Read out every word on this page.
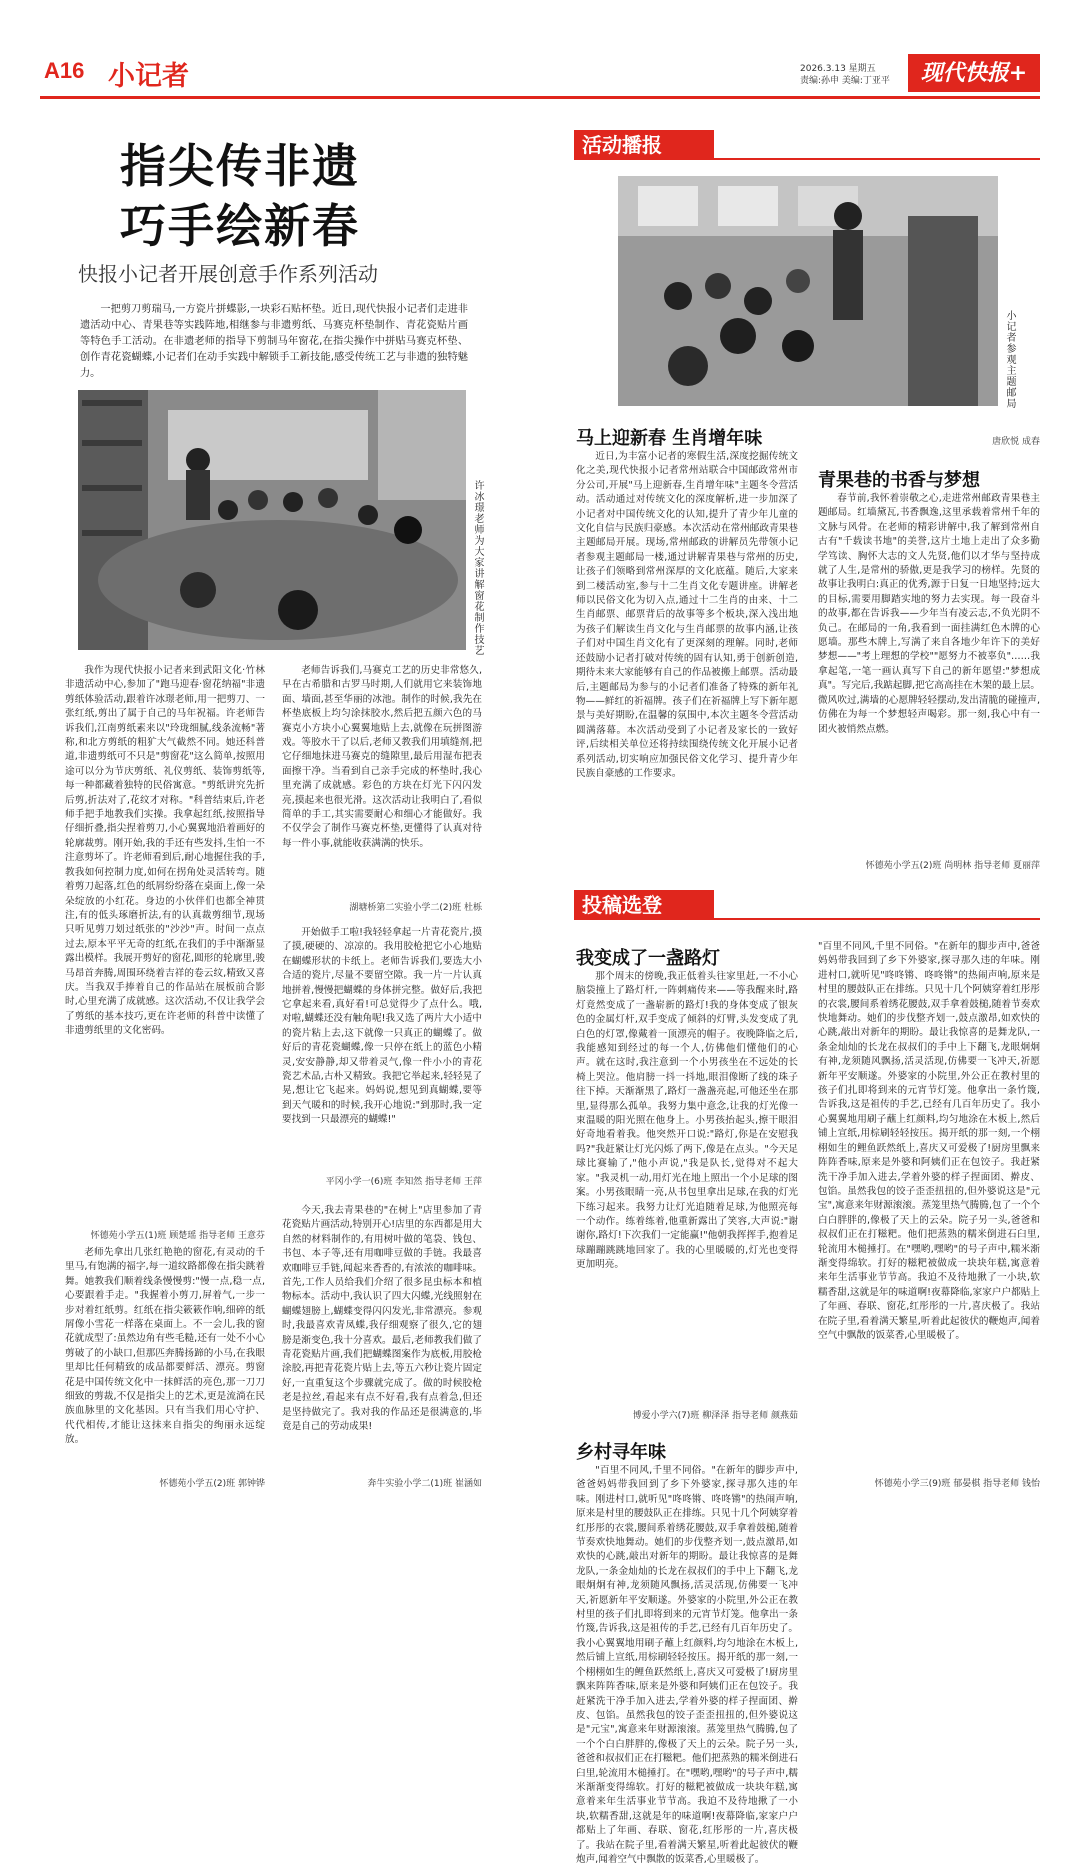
A16 小记者	2026.3.13 星期五
责编:孙申 美编:丁亚平	现代快报+
指尖传非遗
巧手绘新春
快报小记者开展创意手作系列活动
一把剪刀剪瑞马,一方瓷片拼蝶影,一块彩石贴杯垫。近日,现代快报小记者们走进非遗活动中心、青果巷等实践阵地,相继参与非遗剪纸、马赛克杯垫制作、青花瓷贴片画等特色手工活动。在非遗老师的指导下剪制马年窗花,在指尖操作中拼贴马赛克杯垫、创作青花瓷蝴蝶,小记者们在动手实践中解锁手工新技能,感受传统工艺与非遗的独特魅力。
许冰璟老师为大家讲解窗花制作技艺

我作为现代快报小记者来到武阳文化·竹林非遗活动中心,参加了"跑马迎春·窗花纳福"非遗剪纸体验活动,跟着许冰璟老师,用一把剪刀、一张红纸,剪出了属于自己的马年祝福。许老师告诉我们,江南剪纸素来以"玲珑细腻,线条流畅"著称,和北方剪纸的粗犷大气截然不同。她还科普道,非遗剪纸可不只是"剪窗花"这么简单,按照用途可以分为节庆剪纸、礼仪剪纸、装饰剪纸等,每一种都藏着独特的民俗寓意。"剪纸讲究先折后剪,折法对了,花纹才对称。"科普结束后,许老师手把手地教我们实操。我拿起红纸,按照指导仔细折叠,指尖捏着剪刀,小心翼翼地沿着画好的轮廓裁剪。刚开始,我的手还有些发抖,生怕一不注意剪坏了。许老师看到后,耐心地握住我的手,教我如何控制力度,如何在拐角处灵活转弯。随着剪刀起落,红色的纸屑纷纷落在桌面上,像一朵朵绽放的小红花。身边的小伙伴们也都全神贯注,有的低头琢磨折法,有的认真裁剪细节,现场只听见剪刀划过纸张的"沙沙"声。时间一点点过去,原本平平无奇的红纸,在我们的手中渐渐显露出模样。我展开剪好的窗花,圆形的轮廓里,骏马昂首奔腾,周围环绕着吉祥的卷云纹,精致又喜庆。当我双手捧着自己的作品站在展板前合影时,心里充满了成就感。这次活动,不仅让我学会了剪纸的基本技巧,更在许老师的科普中读懂了非遗剪纸里的文化密码。

怀德苑小学五(1)班 顾楚瑶 指导老师 王意芬

老师先拿出几张红艳艳的窗花,有灵动的千里马,有饱满的福字,每一道纹路都像在指尖跳着舞。她教我们顺着线条慢慢剪:"慢一点,稳一点,心要跟着手走。"我握着小剪刀,屏着气,一步一步对着红纸剪。红纸在指尖簌簌作响,细碎的纸屑像小雪花一样落在桌面上。不一会儿,我的窗花就成型了:虽然边角有些毛糙,还有一处不小心剪破了的小缺口,但那匹奔腾扬蹄的小马,在我眼里却比任何精致的成品都要鲜活、漂亮。剪窗花是中国传统文化中一抹鲜活的亮色,那一刀刀细致的剪裁,不仅是指尖上的艺术,更是流淌在民族血脉里的文化基因。只有当我们用心守护、代代相传,才能让这抹来自指尖的绚丽永远绽放。

怀德苑小学五(2)班 郭钟铧

老师告诉我们,马赛克工艺的历史非常悠久,早在古希腊和古罗马时期,人们就用它来装饰地面、墙面,甚至华丽的冰池。制作的时候,我先在杯垫底板上均匀涂抹胶水,然后把五颜六色的马赛克小方块小心翼翼地贴上去,就像在玩拼图游戏。等胶水干了以后,老师又教我们用填缝剂,把它仔细地抹进马赛克的缝隙里,最后用湿布把表面擦干净。当看到自己亲手完成的杯垫时,我心里充满了成就感。彩色的方块在灯光下闪闪发亮,摸起来也很光滑。这次活动让我明白了,看似简单的手工,其实需要耐心和细心才能做好。我不仅学会了制作马赛克杯垫,更懂得了认真对待每一件小事,就能收获满满的快乐。

湖塘桥第二实验小学二(2)班 杜栎

开始做手工啦!我轻轻拿起一片青花瓷片,摸了摸,硬硬的、凉凉的。我用胶枪把它小心地贴在蝴蝶形状的卡纸上。老师告诉我们,要选大小合适的瓷片,尽量不要留空隙。我一片一片认真地拼着,慢慢把蝴蝶的身体拼完整。做好后,我把它拿起来看,真好看!可总觉得少了点什么。哦,对啦,蝴蝶还没有触角呢!我又选了两片大小适中的瓷片粘上去,这下就像一只真正的蝴蝶了。做好后的青花瓷蝴蝶,像一只停在纸上的蓝色小精灵,安安静静,却又带着灵气,像一件小小的青花瓷艺术品,古朴又精致。我把它举起来,轻轻晃了晃,想让它飞起来。妈妈说,想见到真蝴蝶,要等到天气暖和的时候,我开心地说:"到那时,我一定要找到一只最漂亮的蝴蝶!"

平冈小学一(6)班 李知然 指导老师 王萍

今天,我去青果巷的"在树上"店里参加了青花瓷贴片画活动,特别开心!店里的东西都是用大自然的材料制作的,有用树叶做的笔袋、钱包、书包、本子等,还有用咖啡豆做的手链。我最喜欢咖啡豆手链,闻起来香香的,有浓浓的咖啡味。首先,工作人员给我们介绍了很多昆虫标本和植物标本。活动中,我认识了四大闪蝶,光线照射在蝴蝶翅膀上,蝴蝶变得闪闪发光,非常漂亮。参观时,我最喜欢青凤蝶,我仔细观察了很久,它的翅膀是渐变色,我十分喜欢。最后,老师教我们做了青花瓷贴片画,我们把蝴蝶图案作为底板,用胶枪涂胶,再把青花瓷片贴上去,等五六秒让瓷片固定好,一直重复这个步骤就完成了。做的时候胶枪老是拉丝,看起来有点不好看,我有点着急,但还是坚持做完了。我对我的作品还是很满意的,毕竟是自己的劳动成果!

奔牛实验小学二(1)班 崔涵如
活动播报
小记者参观主题邮局
马上迎新春 生肖增年味
近日,为丰富小记者的寒假生活,深度挖掘传统文化之美,现代快报小记者常州站联合中国邮政常州市分公司,开展"马上迎新春,生肖增年味"主题冬令营活动。活动通过对传统文化的深度解析,进一步加深了小记者对中国传统文化的认知,提升了青少年儿童的文化自信与民族归豪感。本次活动在常州邮政青果巷主题邮局开展。现场,常州邮政的讲解员先带领小记者参观主题邮局一楼,通过讲解青果巷与常州的历史,让孩子们领略到常州深厚的文化底蕴。随后,大家来到二楼活动室,参与十二生肖文化专题讲座。讲解老师以民俗文化为切入点,通过十二生肖的由来、十二生肖邮票、邮票背后的故事等多个板块,深入浅出地为孩子们解读生肖文化与生肖邮票的故事内涵,让孩子们对中国生肖文化有了更深刻的理解。同时,老师还鼓励小记者打破对传统的固有认知,勇于创新创造,期待未来大家能够有自己的作品被搬上邮票。活动最后,主题邮局为参与的小记者们准备了特殊的新年礼物——鲜红的祈福牌。孩子们在祈福牌上写下新年愿景与美好期盼,在温馨的氛围中,本次主题冬令营活动圆满落幕。本次活动受到了小记者及家长的一致好评,后续相关单位还将持续围绕传统文化开展小记者系列活动,切实响应加强民俗文化学习、提升青少年民族自豪感的工作要求。
唐欣悦 成春
青果巷的书香与梦想
春节前,我怀着崇敬之心,走进常州邮政青果巷主题邮局。红墙黛瓦,书香飘逸,这里承载着常州千年的文脉与风骨。在老师的精彩讲解中,我了解到常州自古有"千载读书地"的美誉,这片土地上走出了众多勤学笃读、胸怀大志的文人先贤,他们以才华与坚持成就了人生,是常州的骄傲,更是我学习的榜样。先贤的故事让我明白:真正的优秀,源于日复一日地坚持;远大的目标,需要用脚踏实地的努力去实现。每一段奋斗的故事,都在告诉我——少年当有凌云志,不负光阴不负己。在邮局的一角,我看到一面挂满红色木牌的心愿墙。那些木牌上,写满了来自各地少年许下的美好梦想——"考上理想的学校""愿努力不被辜负"……我拿起笔,一笔一画认真写下自己的新年愿望:"梦想成真"。写完后,我踮起脚,把它高高挂在木架的最上层。微风吹过,满墙的心愿牌轻轻摆动,发出清脆的碰撞声,仿佛在为每一个梦想轻声喝彩。那一刻,我心中有一团火被悄然点燃。
怀德苑小学五(2)班 尚明林 指导老师 夏丽萍
投稿选登
我变成了一盏路灯
那个周末的傍晚,我正低着头往家里赶,一不小心脑袋撞上了路灯杆,一阵刺痛传来——等我醒来时,路灯竟然变成了一盏崭新的路灯!我的身体变成了银灰色的金属灯杆,双手变成了倾斜的灯臂,头发变成了乳白色的灯罩,像戴着一顶漂亮的帽子。夜晚降临之后,我能感知到经过的每一个人,仿佛他们懂他们的心声。就在这时,我注意到一个小男孩坐在不远处的长椅上哭泣。他肩膀一抖一抖地,眼泪像断了线的珠子往下掉。天渐渐黑了,路灯一盏盏亮起,可他还坐在那里,显得那么孤单。我努力集中意念,让我的灯光像一束温暖的阳光照在他身上。小男孩抬起头,擦干眼泪好奇地看着我。他突然开口说:"路灯,你是在安慰我吗?"我赶紧让灯光闪烁了两下,像是在点头。"今天足球比赛输了,"他小声说,"我是队长,觉得对不起大家。"我灵机一动,用灯光在地上照出一个小足球的图案。小男孩眼睛一亮,从书包里拿出足球,在我的灯光下练习起来。我努力让灯光追随着足球,为他照亮每一个动作。练着练着,他重新露出了笑容,大声说:"谢谢你,路灯!下次我们一定能赢!"他朝我挥挥手,抱着足球蹦蹦跳跳地回家了。我的心里暖暖的,灯光也变得更加明亮。
博爱小学六(7)班 柳泽泽 指导老师 颜燕茹
乡村寻年味
"百里不同风,千里不同俗。"在新年的脚步声中,爸爸妈妈带我回到了乡下外婆家,探寻那久违的年味。刚进村口,就听见"咚咚锵、咚咚锵"的热闹声响,原来是村里的腰鼓队正在排练。只见十几个阿姨穿着红彤彤的衣裳,腰间系着绣花腰鼓,双手拿着鼓槌,随着节奏欢快地舞动。她们的步伐整齐划一,鼓点激昂,如欢快的心跳,敲出对新年的期盼。最让我惊喜的是舞龙队,一条金灿灿的长龙在叔叔们的手中上下翻飞,龙眼炯炯有神,龙须随风飘扬,活灵活现,仿佛要一飞冲天,祈愿新年平安顺遂。外婆家的小院里,外公正在教村里的孩子们扎即将到来的元宵节灯笼。他拿出一条竹篾,告诉我,这是祖传的手艺,已经有几百年历史了。我小心翼翼地用刷子蘸上红颜料,均匀地涂在木板上,然后铺上宣纸,用棕刷轻轻按压。揭开纸的那一刻,一个栩栩如生的鲤鱼跃然纸上,喜庆又可爱极了!厨房里飘来阵阵香味,原来是外婆和阿姨们正在包饺子。我赶紧洗干净手加入进去,学着外婆的样子捏面团、擀皮、包馅。虽然我包的饺子歪歪扭扭的,但外婆说这是"元宝",寓意来年财源滚滚。蒸笼里热气腾腾,包了一个个白白胖胖的,像极了天上的云朵。院子另一头,爸爸和叔叔们正在打糍粑。他们把蒸熟的糯米倒进石臼里,轮流用木槌捶打。在"嘿哟,嘿哟"的号子声中,糯米渐渐变得绵软。打好的糍粑被做成一块块年糕,寓意着来年生活事业节节高。我迫不及待地揪了一小块,软糯香甜,这就是年的味道啊!夜幕降临,家家户户都贴上了年画、春联、窗花,红彤彤的一片,喜庆极了。我站在院子里,看着满天繁星,听着此起彼伏的鞭炮声,闻着空气中飘散的饭菜香,心里暖极了。
"百里不同风,千里不同俗。"在新年的脚步声中,爸爸妈妈带我回到了乡下外婆家,探寻那久违的年味。刚进村口,就听见"咚咚锵、咚咚锵"的热闹声响,原来是村里的腰鼓队正在排练。只见十几个阿姨穿着红彤彤的衣裳,腰间系着绣花腰鼓,双手拿着鼓槌,随着节奏欢快地舞动。她们的步伐整齐划一,鼓点激昂,如欢快的心跳,敲出对新年的期盼。最让我惊喜的是舞龙队,一条金灿灿的长龙在叔叔们的手中上下翻飞,龙眼炯炯有神,龙须随风飘扬,活灵活现,仿佛要一飞冲天,祈愿新年平安顺遂。外婆家的小院里,外公正在教村里的孩子们扎即将到来的元宵节灯笼。他拿出一条竹篾,告诉我,这是祖传的手艺,已经有几百年历史了。我小心翼翼地用刷子蘸上红颜料,均匀地涂在木板上,然后铺上宣纸,用棕刷轻轻按压。揭开纸的那一刻,一个栩栩如生的鲤鱼跃然纸上,喜庆又可爱极了!厨房里飘来阵阵香味,原来是外婆和阿姨们正在包饺子。我赶紧洗干净手加入进去,学着外婆的样子捏面团、擀皮、包馅。虽然我包的饺子歪歪扭扭的,但外婆说这是"元宝",寓意来年财源滚滚。蒸笼里热气腾腾,包了一个个白白胖胖的,像极了天上的云朵。院子另一头,爸爸和叔叔们正在打糍粑。他们把蒸熟的糯米倒进石臼里,轮流用木槌捶打。在"嘿哟,嘿哟"的号子声中,糯米渐渐变得绵软。打好的糍粑被做成一块块年糕,寓意着来年生活事业节节高。我迫不及待地揪了一小块,软糯香甜,这就是年的味道啊!夜幕降临,家家户户都贴上了年画、春联、窗花,红彤彤的一片,喜庆极了。我站在院子里,看着满天繁星,听着此起彼伏的鞭炮声,闻着空气中飘散的饭菜香,心里暖极了。
怀德苑小学三(9)班 郁晏棋 指导老师 钱怡
